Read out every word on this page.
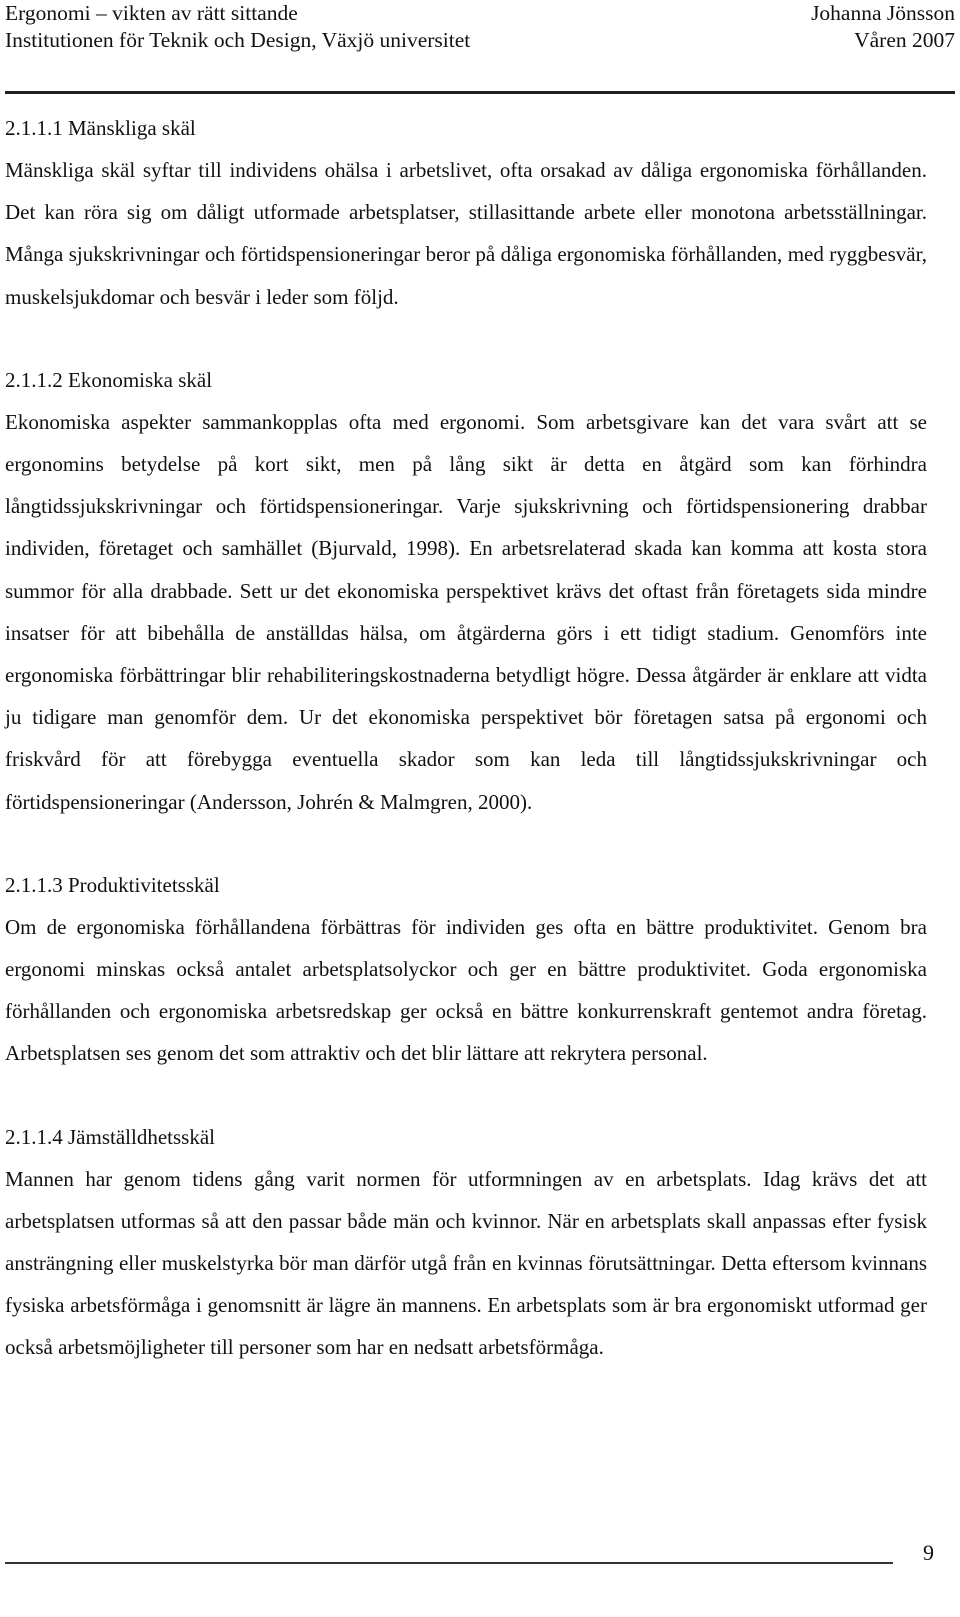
Ergonomi – vikten av rätt sittande	Johanna Jönsson
Institutionen för Teknik och Design, Växjö universitet	Våren 2007

2.1.1.1 Mänskliga skäl

Mänskliga skäl syftar till individens ohälsa i arbetslivet, ofta orsakad av dåliga ergonomiska förhållanden. Det kan röra sig om dåligt utformade arbetsplatser, stillasittande arbete eller monotona arbetsställningar. Många sjukskrivningar och förtidspensioneringar beror på dåliga ergonomiska förhållanden, med ryggbesvär, muskelsjukdomar och besvär i leder som följd.

2.1.1.2 Ekonomiska skäl

Ekonomiska aspekter sammankopplas ofta med ergonomi. Som arbetsgivare kan det vara svårt att se ergonomins betydelse på kort sikt, men på lång sikt är detta en åtgärd som kan förhindra långtidssjukskrivningar och förtidspensioneringar. Varje sjukskrivning och förtidspensionering drabbar individen, företaget och samhället (Bjurvald, 1998). En arbetsrelaterad skada kan komma att kosta stora summor för alla drabbade. Sett ur det ekonomiska perspektivet krävs det oftast från företagets sida mindre insatser för att bibehålla de anställdas hälsa, om åtgärderna görs i ett tidigt stadium. Genomförs inte ergonomiska förbättringar blir rehabiliteringskostnaderna betydligt högre. Dessa åtgärder är enklare att vidta ju tidigare man genomför dem. Ur det ekonomiska perspektivet bör företagen satsa på ergonomi och friskvård för att förebygga eventuella skador som kan leda till långtidssjukskrivningar och förtidspensioneringar (Andersson, Johrén & Malmgren, 2000).

2.1.1.3 Produktivitetsskäl

Om de ergonomiska förhållandena förbättras för individen ges ofta en bättre produktivitet. Genom bra ergonomi minskas också antalet arbetsplatsolyckor och ger en bättre produktivitet. Goda ergonomiska förhållanden och ergonomiska arbetsredskap ger också en bättre konkurrenskraft gentemot andra företag. Arbetsplatsen ses genom det som attraktiv och det blir lättare att rekrytera personal.

2.1.1.4 Jämställdhetsskäl

Mannen har genom tidens gång varit normen för utformningen av en arbetsplats. Idag krävs det att arbetsplatsen utformas så att den passar både män och kvinnor. När en arbetsplats skall anpassas efter fysisk ansträngning eller muskelstyrka bör man därför utgå från en kvinnas förutsättningar. Detta eftersom kvinnans fysiska arbetsförmåga i genomsnitt är lägre än mannens. En arbetsplats som är bra ergonomiskt utformad ger också arbetsmöjligheter till personer som har en nedsatt arbetsförmåga.

9
